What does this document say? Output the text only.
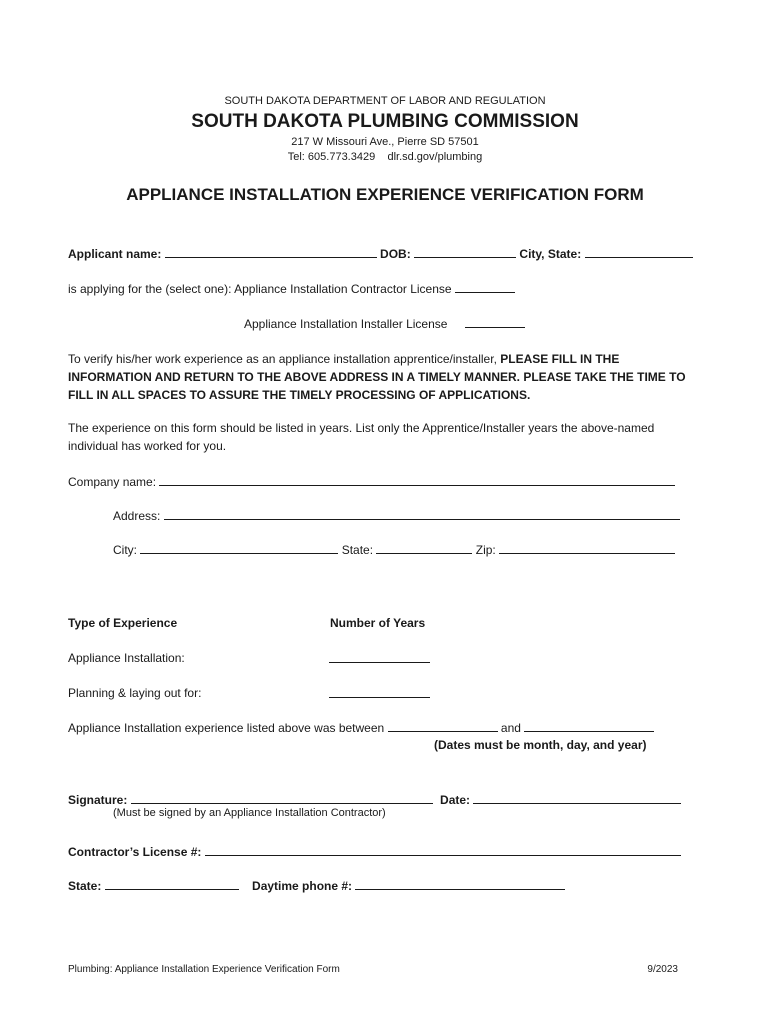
SOUTH DAKOTA DEPARTMENT OF LABOR AND REGULATION
SOUTH DAKOTA PLUMBING COMMISSION
217 W Missouri Ave., Pierre SD 57501
Tel: 605.773.3429 dlr.sd.gov/plumbing
APPLIANCE INSTALLATION EXPERIENCE VERIFICATION FORM
Applicant name:	DOB:	City, State:
is applying for the (select one): Appliance Installation Contractor License
Appliance Installation Installer License
To verify his/her work experience as an appliance installation apprentice/installer, PLEASE FILL IN THE INFORMATION AND RETURN TO THE ABOVE ADDRESS IN A TIMELY MANNER. PLEASE TAKE THE TIME TO FILL IN ALL SPACES TO ASSURE THE TIMELY PROCESSING OF APPLICATIONS.
The experience on this form should be listed in years. List only the Apprentice/Installer years the above-named individual has worked for you.
Company name:
Address:
City:	State:	Zip:
Type of Experience	Number of Years
Appliance Installation:
Planning & laying out for:
Appliance Installation experience listed above was between	and
(Dates must be month, day, and year)
Signature:	Date:
(Must be signed by an Appliance Installation Contractor)
Contractor’s License #:
State:	Daytime phone #:
Plumbing: Appliance Installation Experience Verification Form	9/2023
